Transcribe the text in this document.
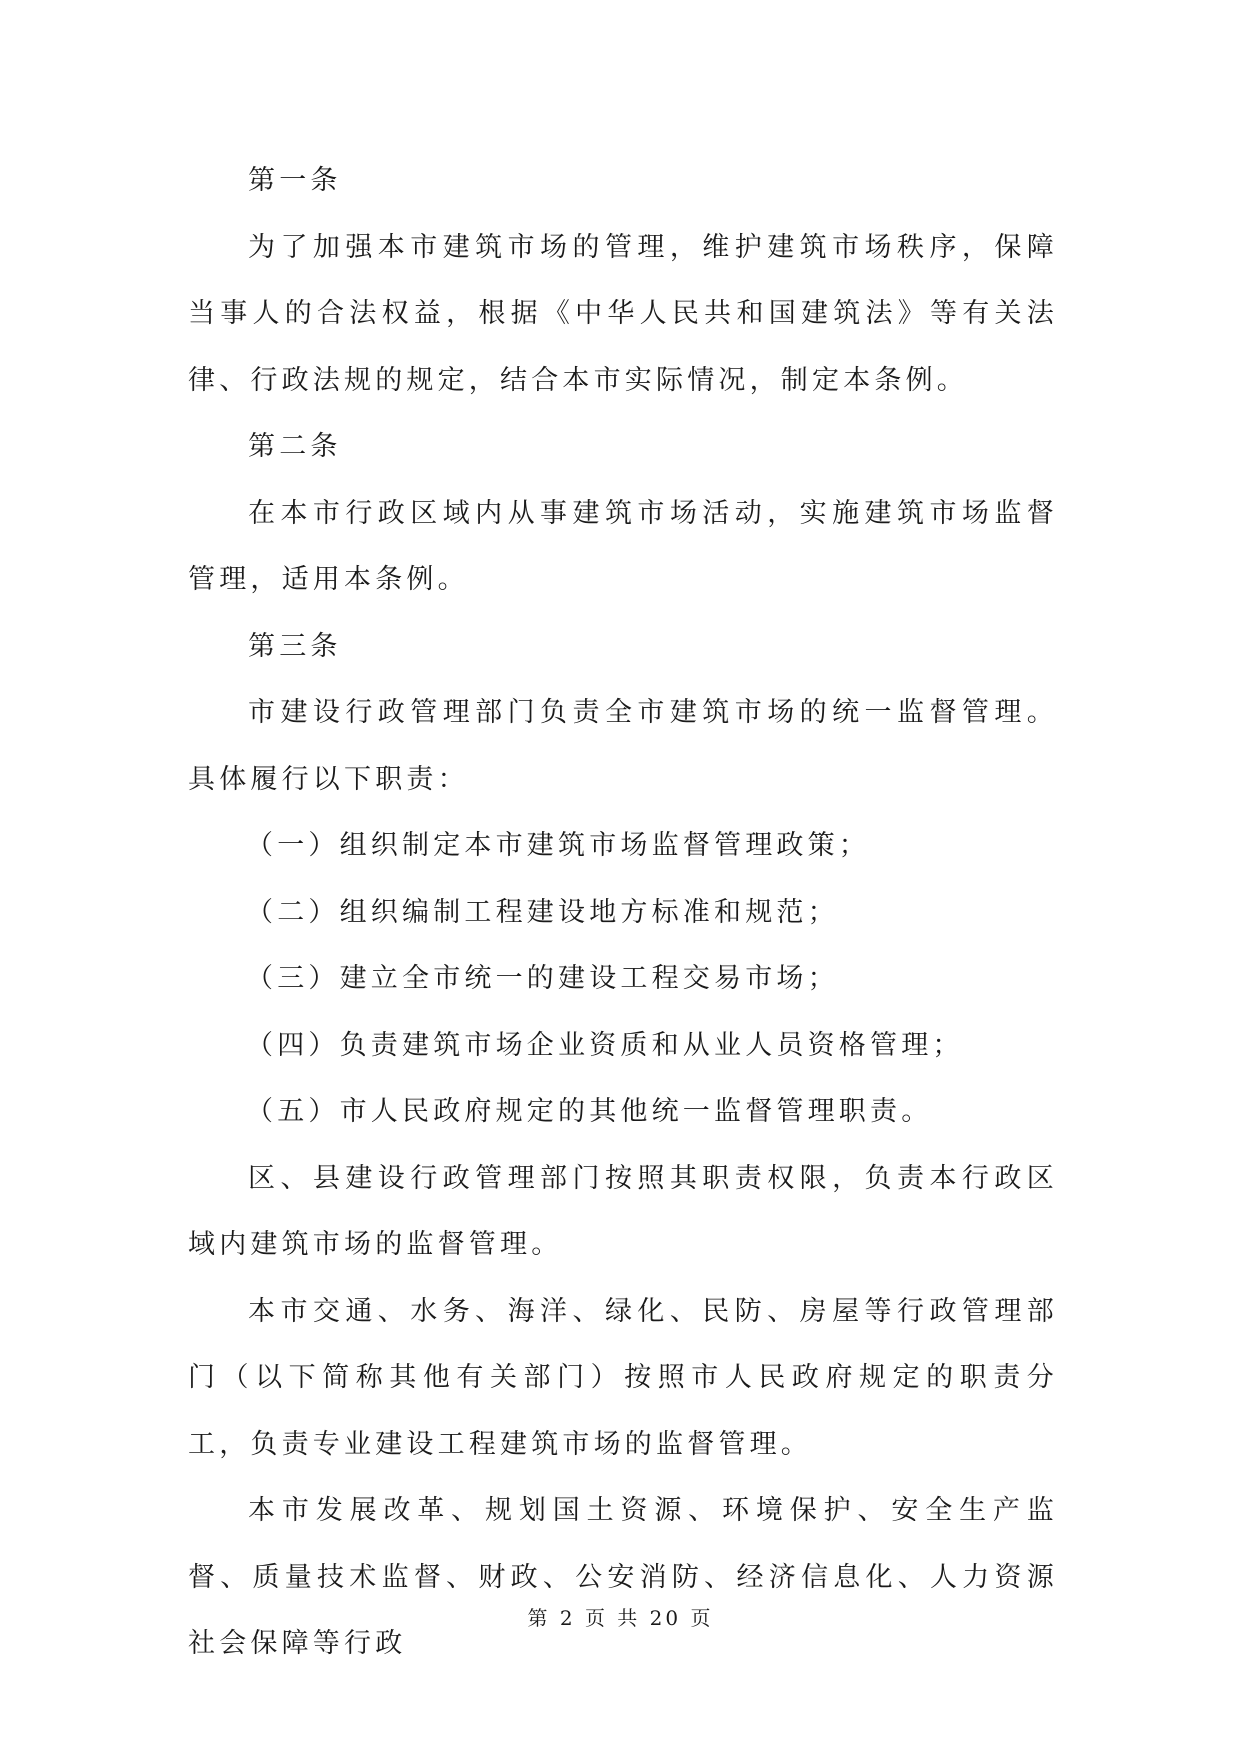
第一条

为了加强本市建筑市场的管理，维护建筑市场秩序，保障当事人的合法权益，根据《中华人民共和国建筑法》等有关法律、行政法规的规定，结合本市实际情况，制定本条例。

第二条

在本市行政区域内从事建筑市场活动，实施建筑市场监督管理，适用本条例。

第三条

市建设行政管理部门负责全市建筑市场的统一监督管理。具体履行以下职责：

（一）组织制定本市建筑市场监督管理政策；

（二）组织编制工程建设地方标准和规范；

（三）建立全市统一的建设工程交易市场；

（四）负责建筑市场企业资质和从业人员资格管理；

（五）市人民政府规定的其他统一监督管理职责。

区、县建设行政管理部门按照其职责权限，负责本行政区域内建筑市场的监督管理。

本市交通、水务、海洋、绿化、民防、房屋等行政管理部门（以下简称其他有关部门）按照市人民政府规定的职责分工，负责专业建设工程建筑市场的监督管理。

本市发展改革、规划国土资源、环境保护、安全生产监督、质量技术监督、财政、公安消防、经济信息化、人力资源社会保障等行政

第 2 页 共 20 页
